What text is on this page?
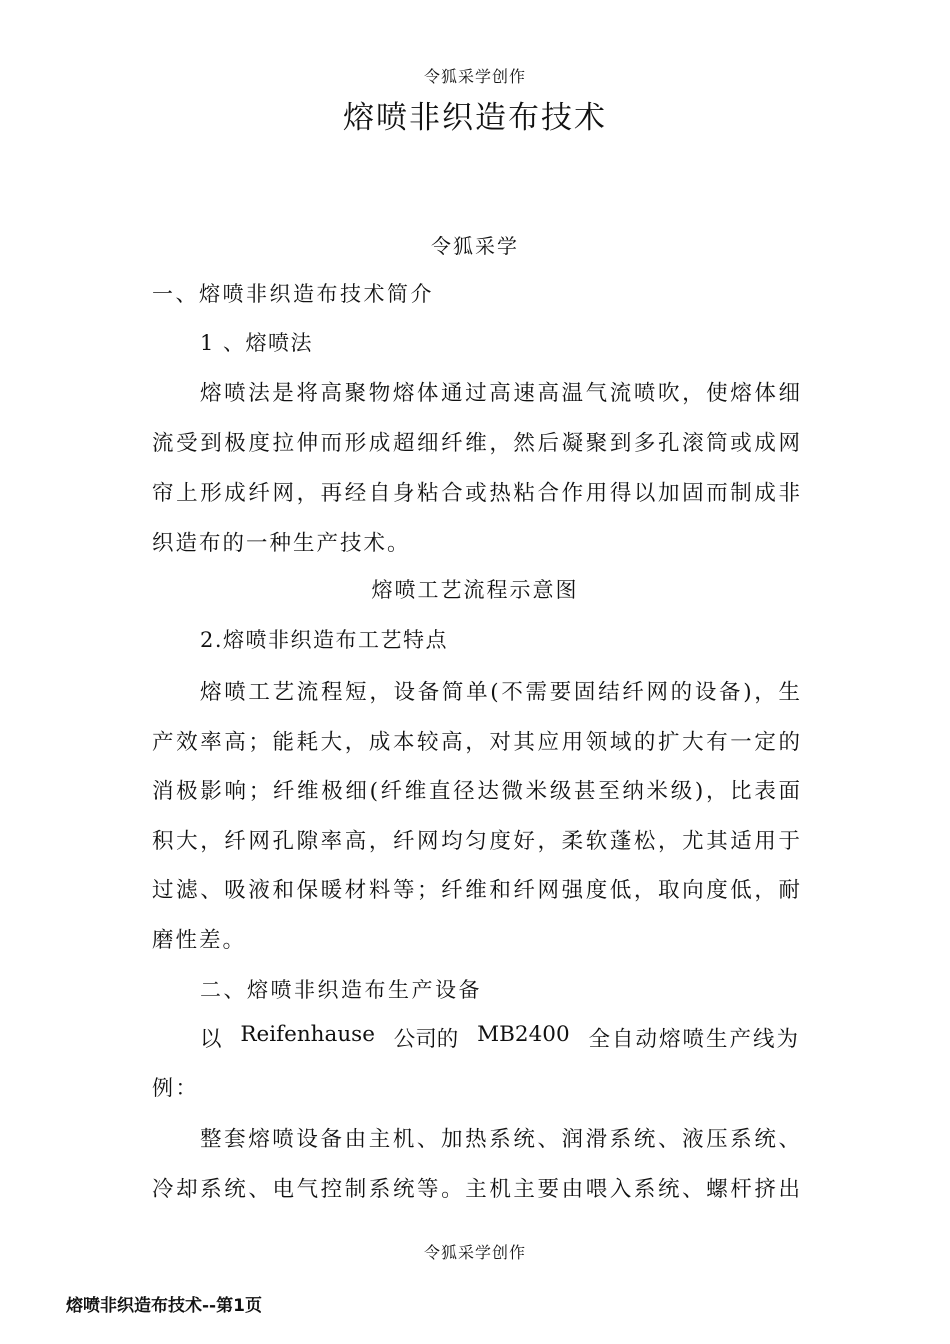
令狐采学创作

熔喷非织造布技术

令狐采学

一、熔喷非织造布技术简介

1 、熔喷法

熔喷法是将高聚物熔体通过高速高温气流喷吹，使熔体细

流受到极度拉伸而形成超细纤维，然后凝聚到多孔滚筒或成网

帘上形成纤网，再经自身粘合或热粘合作用得以加固而制成非

织造布的一种生产技术。

熔喷工艺流程示意图

2.熔喷非织造布工艺特点

熔喷工艺流程短，设备简单(不需要固结纤网的设备)，生

产效率高；能耗大，成本较高，对其应用领域的扩大有一定的

消极影响；纤维极细(纤维直径达微米级甚至纳米级)，比表面

积大，纤网孔隙率高，纤网均匀度好，柔软蓬松，尤其适用于

过滤、吸液和保暖材料等；纤维和纤网强度低，取向度低，耐

磨性差。

二、熔喷非织造布生产设备

以 Reifenhause 公司的 MB2400 全自动熔喷生产线为

例：

整套熔喷设备由主机、加热系统、润滑系统、液压系统、

冷却系统、电气控制系统等。主机主要由喂入系统、螺杆挤出

令狐采学创作

熔喷非织造布技术--第1页
